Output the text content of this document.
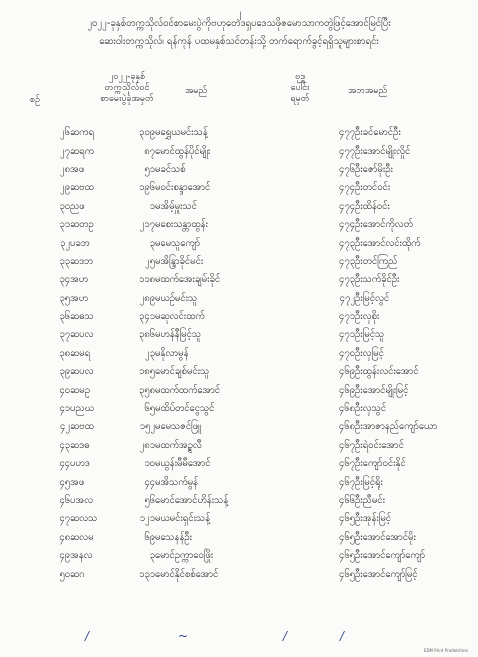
၂
၂၀၂၂-ခုနှစ်တက္ကသိုလ်ဝင်စာမေးပွဲကိုဗဟုတေဒရှပဒေသဖိုဇမောသာကတွဲဖြင့်အောင်မြင်ပြီး
ဆေးဝါးတက္ကသိုလ်၊ ရန်ကုန် ပထမနှစ်သင်တန်းသို့ တက်ရောက်ခွင့်ရရှိသူများစာရင်း
စဉ်
၂၀၂၂-ခုနှစ်
တက္ကသိုလ်ဝင်
စာမေးပွဲခုံအမှတ်
အမည်
ဗုဒ္ဓ
ပေါင်း
ရမှတ်
အဘအမည်
၂၆	ဆကရ	၃၀၉	မရွှေယမင်းသန့်	၄၇၇	ဦးခင်မောင်ဦး
၂၇	ဆရက	၈၇	မောင်ထွန်ပိုင်မျိုး	၄၇၇	ဦးအောင်မျိုးလှိုင်
၂၈	အဖ	၅၁	မခင်သစ်	၄၇၆	ဦးဇော်မိုးဦး
၂၉	ဆဗထ	၁၉၆	မဝင်းစန္ဒာအောင်	၄၇၄	ဦးတင်ဝင်း
၃၀	ညဖ	၁	မအိမ့်မှူးသင်	၄၇၄	ဦးထိန်ဝင်း
၃၁	ဆတဥ	၂၁၇	မစေးသန္တာထွန်း	၄၇၄	ဦးအောင်ကိုလတ်
၃၂	ပခဘ	၃	မမေသူကျော်	၄၇၃	ဦးအောင်လင်းထိုက်
၃၃	ဆဒဘ	၂၅	မအိန္ဒြာခိုင်မင်း	၄၇၃	ဦးတင်ကြည်
၃၄	အဟ	၁၁၈	မထက်အေးချမ်းခိုင်	၄၇၃	ဦးသက်ခိုင်ဦး
၃၅	အဟ	၂၈၉	မယဉ်မင်းသူ	၄၇၂	ဦးမြင့်လွင်
၃၆	ဆဓသ	၃၄၁	မဆုလင်းထက်	၄၇၁	ဦးလှစိုး
၃၇	ဆပလ	၃၈၆	မဟန်နီမြင့်သူ	၄၇၁	ဦးမြင့်သူ
၃၈	ဆမရ	၂၃	မနိုလာမွန်	၄၇၀	ဦးလှမြင့်
၃၉	ဆပလ	၁၈၅	မောင်ချစ်မင်းသူ	၄၆၉	ဦးထွန်းလင်းအောင်
၄၀	ဆမဥ	၃၅၈	မထက်ထက်အောင်	၄၆၉	ဦးအောင်မျိုးမြင့်
၄၁	ပညဃ	၆၅	မထိပ်တင်ငွေသွင်	၄၆၈	ဦးလှသွင်
၄၂	ဆဗထ	၁၅၂	မမေသဇင်ဖြူ	၄၆၈	ဦးအာဇာနည်ကျော်ယော
၄၃	ဆဒဓ	၂၈၁	မထက်အဥ္စလီ	၄၆၇	ဦးရဲဝင်းအောင်
၄၄	ပဟဒ	၁၀	မယွန်းမီမီအောင်	၄၆၇	ဦးကျော်ဝင်းနိုင်
၄၅	အဖ	၄၄	မအိသက်မွန်	၄၆၇	ဦးမြင့်ရိုး
၄၆	ပအလ	၅၆	မောင်အောင်ဟိန်းသန့်	၄၆၆	ဦးညီမင်း
၄၇	ဆလသ	၁၂၁	မယမင်းရှင်းသန့်	၄၆၅	ဦးအုန်းမြင့်
၄၈	ဆလမ	၆၉	မသေနန်ဦး	၄၆၅	ဦးအောင်အောင်မိုး
၄၉	အနလ	၃	မောင်ဥက္ကာဝေဖြိုး	၄၆၅	ဦးအောင်ကျော်ကျော်
၅၀	ဆဂ	၁၃၁	မောင်နိုင်စစ်အောင်	၄၆၅	ဦးအောင်ကျော်မြင့်
/	~	/	/
EDM Print Pradelshine
